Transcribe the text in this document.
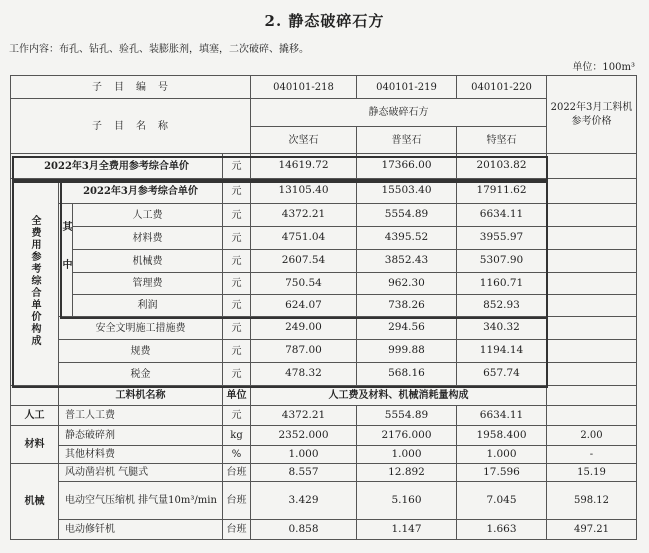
2. 静态破碎石方
工作内容：布孔、钻孔、验孔、装膨胀剂，填塞，二次破碎、撬移。
单位：100m³
子　目　编　号				040101-218	040101-219	040101-220	2022年3月工料机参考价格
子　目　名　称				静态破碎石方			
				次坚石	普坚石	特坚石	
2022年3月全费用参考综合单价			元	14619.72	17366.00	20103.82	
全费用参考综合单价构成	2022年3月参考综合单价		元	13105.40	15503.40	17911.62	
	其中	人工费	元	4372.21	5554.89	6634.11	
		材料费	元	4751.04	4395.52	3955.97	
		机械费	元	2607.54	3852.43	5307.90	
		管理费	元	750.54	962.30	1160.71	
		利润	元	624.07	738.26	852.93	
	安全文明施工措施费		元	249.00	294.56	340.32	
	规费		元	787.00	999.88	1194.14	
	税金		元	478.32	568.16	657.74	
	工料机名称		单位	人工费及材料、机械消耗量构成			
人工	普工人工费		元	4372.21	5554.89	6634.11	
材料	静态破碎剂		kg	2352.000	2176.000	1958.400	2.00
	其他材料费		%	1.000	1.000	1.000	-
机械	风动凿岩机 气腿式		台班	8.557	12.892	17.596	15.19
	电动空气压缩机 排气量10m³/min		台班	3.429	5.160	7.045	598.12
	电动修钎机		台班	0.858	1.147	1.663	497.21
